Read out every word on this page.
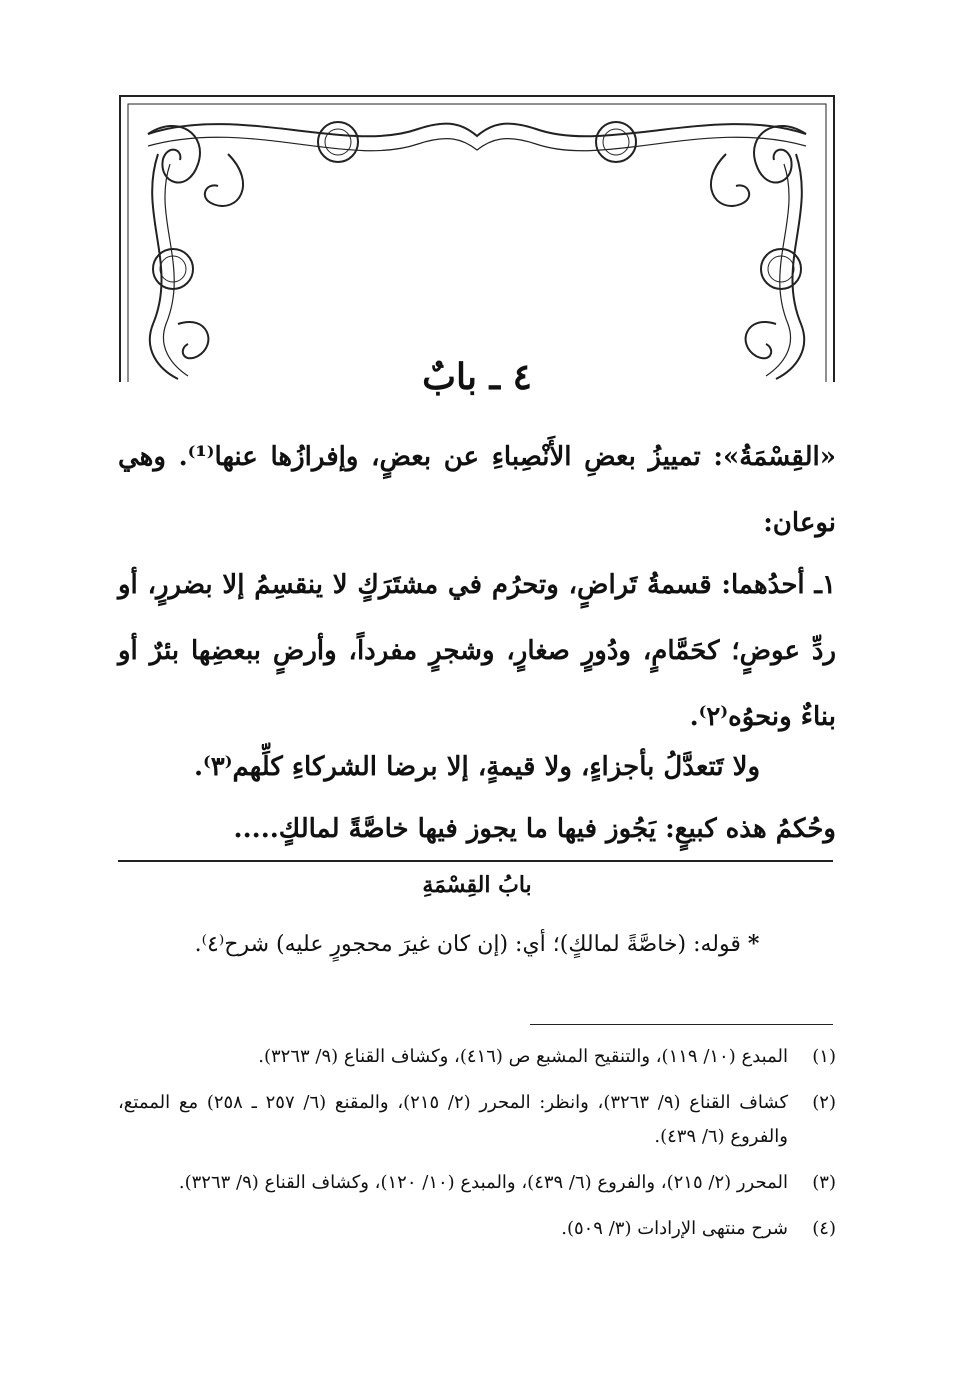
٤ ـ بابٌ

«القِسْمَةُ»: تمييزُ بعضِ الأَنْصِباءِ عن بعضٍ، وإفرازُها عنها⁽¹⁾. وهي نوعان:

١ـ أحدُهما: قسمةُ تَراضٍ، وتحرُم في مشتَرَكٍ لا ينقسِمُ إلا بضررٍ، أو ردِّ عوضٍ؛ كحَمَّامٍ، ودُورٍ صغارٍ، وشجرٍ مفرداً، وأرضٍ ببعضِها بئرٌ أو بناءٌ ونحوُه⁽٢⁾.

ولا تَتعدَّلُ بأجزاءٍ، ولا قيمةٍ، إلا برضا الشركاءِ كلِّهم⁽٣⁾.

وحُكمُ هذه كبيعٍ: يَجُوز فيها ما يجوز فيها خاصَّةً لمالكٍ.....

بابُ القِسْمَةِ
* قوله: (خاصَّةً لمالكٍ)؛ أي: (إن كان غيرَ محجورٍ عليه) شرح⁽٤⁾.
(١)
المبدع (١٠/ ١١٩)، والتنقيح المشبع ص (٤١٦)، وكشاف القناع (٩/ ٣٢٦٣).
(٢)
كشاف القناع (٩/ ٣٢٦٣)، وانظر: المحرر (٢/ ٢١٥)، والمقنع (٦/ ٢٥٧ ـ ٢٥٨) مع الممتع، والفروع (٦/ ٤٣٩).
(٣)
المحرر (٢/ ٢١٥)، والفروع (٦/ ٤٣٩)، والمبدع (١٠/ ١٢٠)، وكشاف القناع (٩/ ٣٢٦٣).
(٤)
شرح منتهى الإرادات (٣/ ٥٠٩).
